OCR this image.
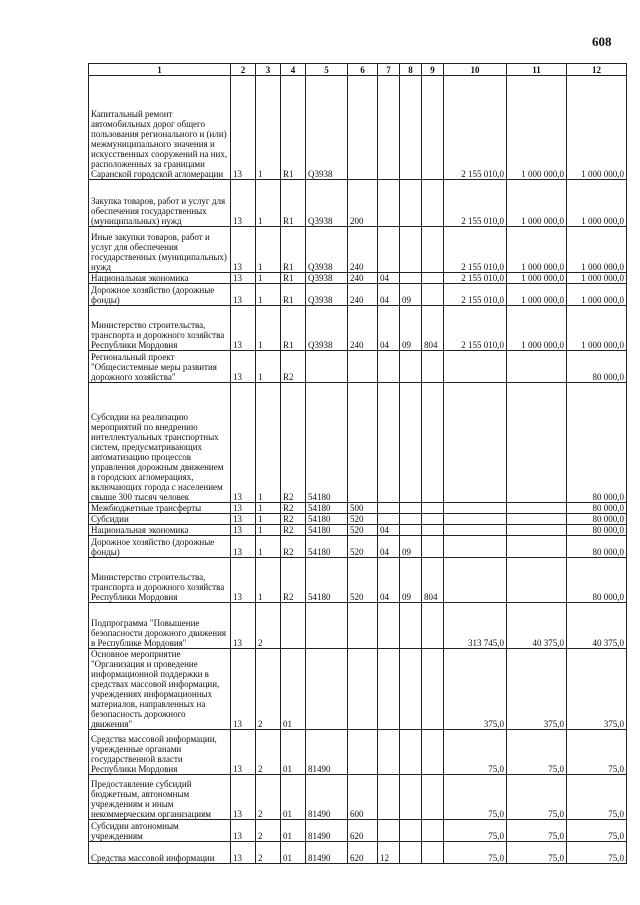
608
1	2	3	4	5	6	7	8	9	10	11	12
Капитальный ремонт автомобильных дорог общего пользования регионального и (или) межмуниципального значения и искусственных сооружений на них, расположенных за границами Саранской городской агломерации	13	1	R1	Q3938					2 155 010,0	1 000 000,0	1 000 000,0
Закупка товаров, работ и услуг для обеспечения государственных (муниципальных) нужд	13	1	R1	Q3938	200				2 155 010,0	1 000 000,0	1 000 000,0
Иные закупки товаров, работ и услуг для обеспечения государственных (муниципальных) нужд	13	1	R1	Q3938	240				2 155 010,0	1 000 000,0	1 000 000,0
Национальная экономика	13	1	R1	Q3938	240	04			2 155 010,0	1 000 000,0	1 000 000,0
Дорожное хозяйство (дорожные фонды)	13	1	R1	Q3938	240	04	09		2 155 010,0	1 000 000,0	1 000 000,0
Министерство строительства, транспорта и дорожного хозяйства Республики Мордовия	13	1	R1	Q3938	240	04	09	804	2 155 010,0	1 000 000,0	1 000 000,0
Региональный проект "Общесистемные меры развития дорожного хозяйства"	13	1	R2								80 000,0
Субсидии на реализацию мероприятий по внедрению интеллектуальных транспортных систем, предусматривающих автоматизацию процессов управления дорожным движением в городских агломерациях, включающих города с населением свыше 300 тысяч человек	13	1	R2	54180							80 000,0
Межбюджетные трансферты	13	1	R2	54180	500						80 000,0
Субсидии	13	1	R2	54180	520						80 000,0
Национальная экономика	13	1	R2	54180	520	04					80 000,0
Дорожное хозяйство (дорожные фонды)	13	1	R2	54180	520	04	09				80 000,0
Министерство строительства, транспорта и дорожного хозяйства Республики Мордовия	13	1	R2	54180	520	04	09	804			80 000,0
Подпрограмма "Повышение безопасности дорожного движения в Республике Мордовия"	13	2							313 745,0	40 375,0	40 375,0
Основное мероприятие "Организация и проведение информационной поддержки в средствах массовой информации, учреждениях информационных материалов, направленных на безопасность дорожного движения"	13	2	01						375,0	375,0	375,0
Средства массовой информации, учрежденные органами государственной власти Республики Мордовия	13	2	01	81490					75,0	75,0	75,0
Предоставление субсидий бюджетным, автономным учреждениям и иным некоммерческим организациям	13	2	01	81490	600				75,0	75,0	75,0
Субсидии автономным учреждениям	13	2	01	81490	620				75,0	75,0	75,0
Средства массовой информации	13	2	01	81490	620	12			75,0	75,0	75,0
